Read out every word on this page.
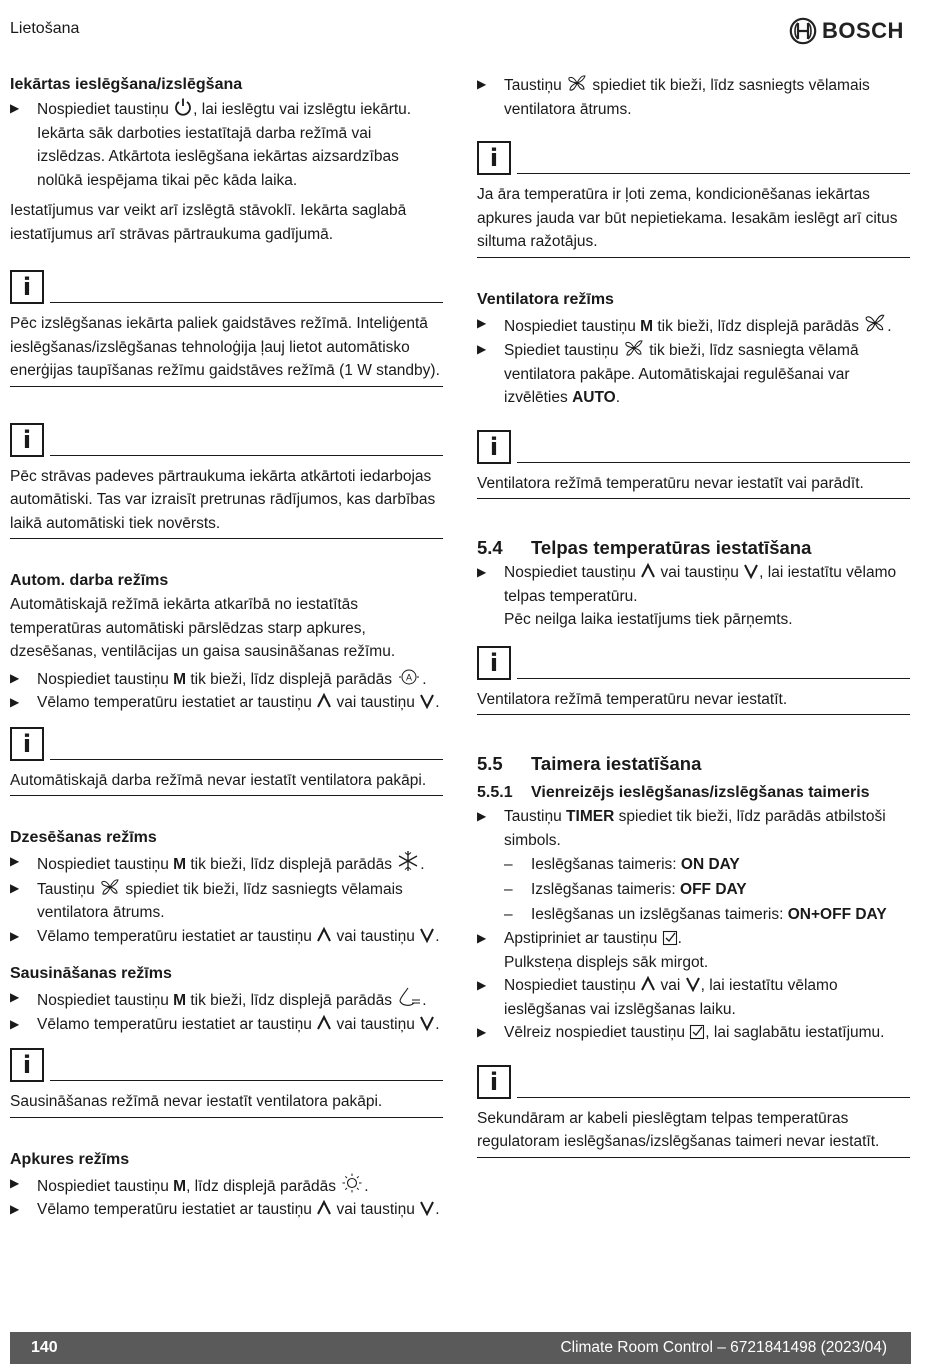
Lietošana	BOSCH

Iekārtas ieslēgšana/izslēgšana

▶	Nospiediet taustiņu , lai ieslēgtu vai izslēgtu iekārtu. Iekārta sāk darboties iestatītajā darba režīmā vai izslēdzas. Atkārtota ieslēgšana iekārtas aizsardzības nolūkā iespējama tikai pēc kāda laika.

Iestatījumus var veikt arī izslēgtā stāvoklī. Iekārta saglabā iestatījumus arī strāvas pārtraukuma gadījumā.

i
Pēc izslēgšanas iekārta paliek gaidstāves režīmā. Inteliģentā ieslēgšanas/izslēgšanas tehnoloģija ļauj lietot automātisko enerģijas taupīšanas režīmu gaidstāves režīmā (1 W standby).
i
Pēc strāvas padeves pārtraukuma iekārta atkārtoti iedarbojas automātiski. Tas var izraisīt pretrunas rādījumos, kas darbības laikā automātiski tiek novērsts.

Autom. darba režīms

Automātiskajā režīmā iekārta atkarībā no iestatītās temperatūras automātiski pārslēdzas starp apkures, dzesēšanas, ventilācijas un gaisa sausināšanas režīmu.

▶	Nospiediet taustiņu M tik bieži, līdz displejā parādās A .
▶	Vēlamo temperatūru iestatiet ar taustiņu  vai taustiņu .
i
Automātiskajā darba režīmā nevar iestatīt ventilatora pakāpi.

Dzesēšanas režīms

▶	Nospiediet taustiņu M tik bieži, līdz displejā parādās .
▶	Taustiņu  spiediet tik bieži, līdz sasniegts vēlamais ventilatora ātrums.
▶	Vēlamo temperatūru iestatiet ar taustiņu  vai taustiņu .

Sausināšanas režīms

▶	Nospiediet taustiņu M tik bieži, līdz displejā parādās .
▶	Vēlamo temperatūru iestatiet ar taustiņu  vai taustiņu .
i
Sausināšanas režīmā nevar iestatīt ventilatora pakāpi.

Apkures režīms

▶	Nospiediet taustiņu M, līdz displejā parādās .
▶	Vēlamo temperatūru iestatiet ar taustiņu  vai taustiņu .
▶	Taustiņu  spiediet tik bieži, līdz sasniegts vēlamais ventilatora ātrums.
i
Ja āra temperatūra ir ļoti zema, kondicionēšanas iekārtas apkures jauda var būt nepietiekama. Iesakām ieslēgt arī citus siltuma ražotājus.

Ventilatora režīms

▶	Nospiediet taustiņu M tik bieži, līdz displejā parādās .
▶	Spiediet taustiņu  tik bieži, līdz sasniegta vēlamā ventilatora pakāpe. Automātiskajai regulēšanai var izvēlēties AUTO.
i
Ventilatora režīmā temperatūru nevar iestatīt vai parādīt.
5.4	Telpas temperatūras iestatīšana
▶	Nospiediet taustiņu  vai taustiņu , lai iestatītu vēlamo telpas temperatūru.
Pēc neilga laika iestatījums tiek pārņemts.
i
Ventilatora režīmā temperatūru nevar iestatīt.
5.5	Taimera iestatīšana
5.5.1	Vienreizējs ieslēgšanas/izslēgšanas taimeris
▶	Taustiņu TIMER spiediet tik bieži, līdz parādās atbilstoši simbols.
–	Ieslēgšanas taimeris: ON DAY
–	Izslēgšanas taimeris: OFF DAY
–	Ieslēgšanas un izslēgšanas taimeris: ON+OFF DAY
▶	Apstipriniet ar taustiņu .
Pulksteņa displejs sāk mirgot.
▶	Nospiediet taustiņu  vai , lai iestatītu vēlamo ieslēgšanas vai izslēgšanas laiku.
▶	Vēlreiz nospiediet taustiņu , lai saglabātu iestatījumu.
i
Sekundāram ar kabeli pieslēgtam telpas temperatūras regulatoram ieslēgšanas/izslēgšanas taimeri nevar iestatīt.
140	Climate Room Control – 6721841498 (2023/04)
